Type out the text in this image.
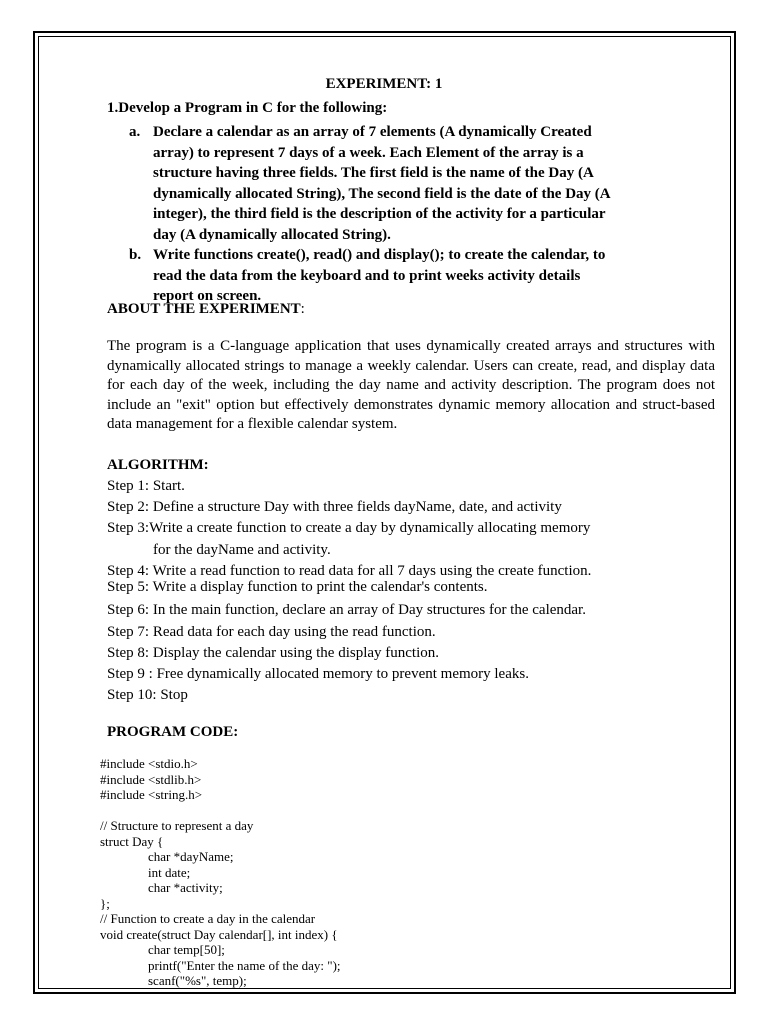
EXPERIMENT: 1
1.Develop a Program in C for the following:
a. Declare a calendar as an array of 7 elements (A dynamically Created
array) to represent 7 days of a week. Each Element of the array is a
structure having three fields. The first field is the name of the Day (A
dynamically allocated String), The second field is the date of the Day (A
integer), the third field is the description of the activity for a particular
day (A dynamically allocated String).
b. Write functions create(), read() and display(); to create the calendar, to
read the data from the keyboard and to print weeks activity details
report on screen.
ABOUT THE EXPERIMENT:
The program is a C-language application that uses dynamically created arrays and structures with dynamically allocated strings to manage a weekly calendar. Users can create, read, and display data for each day of the week, including the day name and activity description. The program does not include an "exit" option but effectively demonstrates dynamic memory allocation and struct-based data management for a flexible calendar system.
ALGORITHM:
Step 1: Start.
Step 2: Define a structure Day with three fields dayName, date, and activity
Step 3:Write a create function to create a day by dynamically allocating memory
for the dayName and activity.
Step 4: Write a read function to read data for all 7 days using the create function.
Step 5: Write a display function to print the calendar's contents.
Step 6: In the main function, declare an array of Day structures for the calendar.
Step 7: Read data for each day using the read function.
Step 8: Display the calendar using the display function.
Step 9 : Free dynamically allocated memory to prevent memory leaks.
Step 10: Stop
PROGRAM CODE:
#include <stdio.h>
#include <stdlib.h>
#include <string.h>
// Structure to represent a day
struct Day {
char *dayName;
int date;
char *activity;
};
// Function to create a day in the calendar
void create(struct Day calendar[], int index) {
char temp[50];
printf("Enter the name of the day: ");
scanf("%s", temp);
